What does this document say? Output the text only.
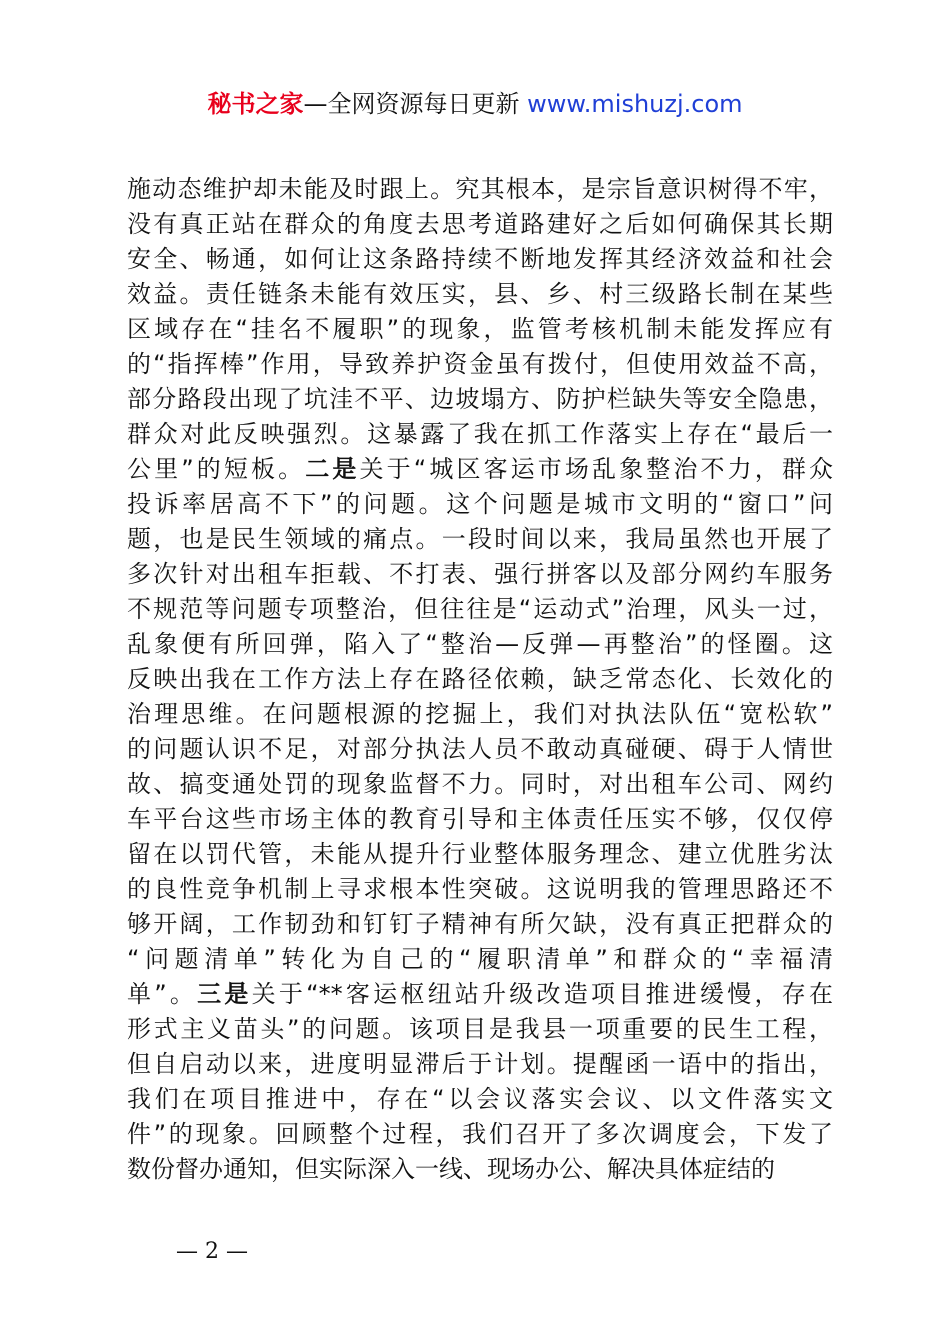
秘书之家—全网资源每日更新 www.mishuzj.com
施动态维护却未能及时跟上。究其根本，是宗旨意识树得不牢，
没有真正站在群众的角度去思考道路建好之后如何确保其长期
安全、畅通，如何让这条路持续不断地发挥其经济效益和社会
效益。责任链条未能有效压实，县、乡、村三级路长制在某些
区域存在“挂名不履职”的现象，监管考核机制未能发挥应有
的“指挥棒”作用，导致养护资金虽有拨付，但使用效益不高，
部分路段出现了坑洼不平、边坡塌方、防护栏缺失等安全隐患，
群众对此反映强烈。这暴露了我在抓工作落实上存在“最后一
公里”的短板。二是关于“城区客运市场乱象整治不力，群众
投诉率居高不下”的问题。这个问题是城市文明的“窗口”问
题，也是民生领域的痛点。一段时间以来，我局虽然也开展了
多次针对出租车拒载、不打表、强行拼客以及部分网约车服务
不规范等问题专项整治，但往往是“运动式”治理，风头一过，
乱象便有所回弹，陷入了“整治—反弹—再整治”的怪圈。这
反映出我在工作方法上存在路径依赖，缺乏常态化、长效化的
治理思维。在问题根源的挖掘上，我们对执法队伍“宽松软”
的问题认识不足，对部分执法人员不敢动真碰硬、碍于人情世
故、搞变通处罚的现象监督不力。同时，对出租车公司、网约
车平台这些市场主体的教育引导和主体责任压实不够，仅仅停
留在以罚代管，未能从提升行业整体服务理念、建立优胜劣汰
的良性竞争机制上寻求根本性突破。这说明我的管理思路还不
够开阔，工作韧劲和钉钉子精神有所欠缺，没有真正把群众的
“问题清单”转化为自己的“履职清单”和群众的“幸福清
单”。三是关于“**客运枢纽站升级改造项目推进缓慢，存在
形式主义苗头”的问题。该项目是我县一项重要的民生工程，
但自启动以来，进度明显滞后于计划。提醒函一语中的指出，
我们在项目推进中，存在“以会议落实会议、以文件落实文
件”的现象。回顾整个过程，我们召开了多次调度会，下发了
数份督办通知，但实际深入一线、现场办公、解决具体症结的
— 2 —
